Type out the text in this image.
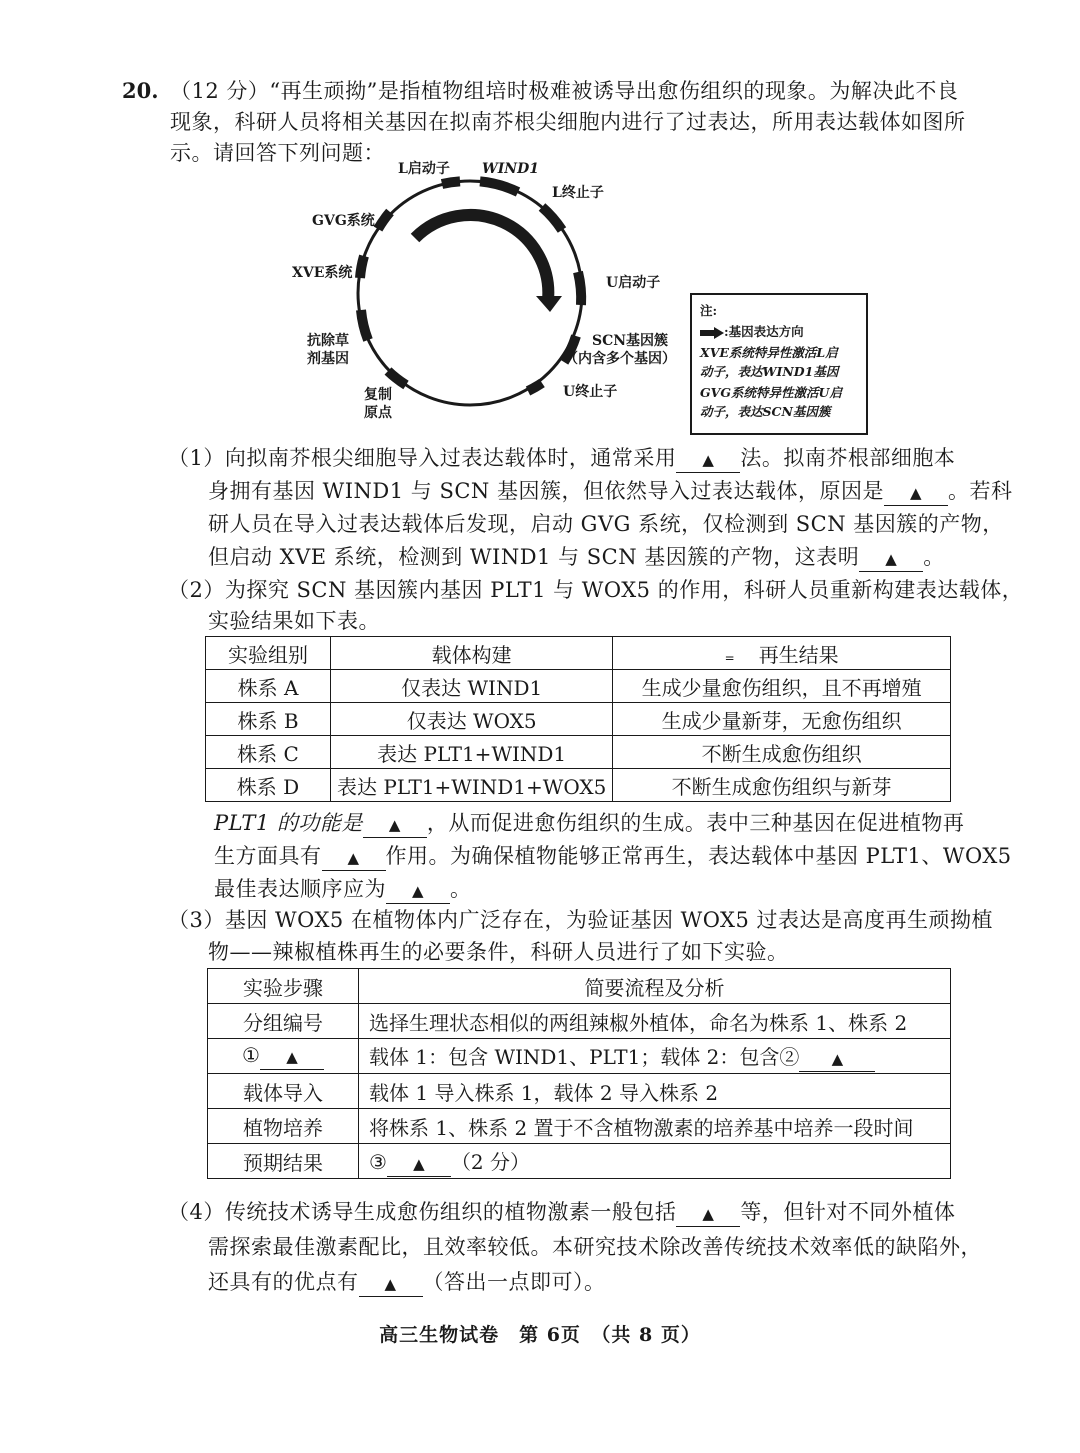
20. （12 分）“再生顽拗”是指植物组培时极难被诱导出愈伤组织的现象。为解决此不良
现象，科研人员将相关基因在拟南芥根尖细胞内进行了过表达，所用表达载体如图所
示。请回答下列问题：
L启动子 WIND1
L终止子
GVG系统
XVE系统
U启动子
抗除草
剂基因
SCN基因簇
（内含多个基因）
复制
原点
U终止子
注:
:基因表达方向
XVE系统特异性激活L启
动子，表达WIND1基因
GVG系统特异性激活U启
动子，表达SCN基因簇
（1）向拟南芥根尖细胞导入过表达载体时，通常采用 ▲ 法。拟南芥根部细胞本
身拥有基因 WIND1 与 SCN 基因簇，但依然导入过表达载体，原因是 ▲ 。若科
研人员在导入过表达载体后发现，启动 GVG 系统，仅检测到 SCN 基因簇的产物，
但启动 XVE 系统，检测到 WIND1 与 SCN 基因簇的产物，这表明 ▲ 。
（2）为探究 SCN 基因簇内基因 PLT1 与 WOX5 的作用，科研人员重新构建表达载体，
实验结果如下表。
实验组别	载体构建	= 再生结果
株系 A	仅表达 WIND1	生成少量愈伤组织，且不再增殖
株系 B	仅表达 WOX5	生成少量新芽，无愈伤组织
株系 C	表达 PLT1+WIND1	不断生成愈伤组织
株系 D	表达 PLT1+WIND1+WOX5	不断生成愈伤组织与新芽
PLT1 的功能是 ▲ ，从而促进愈伤组织的生成。表中三种基因在促进植物再
生方面具有 ▲ 作用。为确保植物能够正常再生，表达载体中基因 PLT1、WOX5
最佳表达顺序应为 ▲ 。
（3）基因 WOX5 在植物体内广泛存在，为验证基因 WOX5 过表达是高度再生顽拗植
物——辣椒植株再生的必要条件，科研人员进行了如下实验。
实验步骤	简要流程及分析
分组编号	选择生理状态相似的两组辣椒外植体，命名为株系 1、株系 2
① ▲	载体 1：包含 WIND1、PLT1；载体 2：包含② ▲
载体导入	载体 1 导入株系 1，载体 2 导入株系 2
植物培养	将株系 1、株系 2 置于不含植物激素的培养基中培养一段时间
预期结果	③ ▲ （2 分）
（4）传统技术诱导生成愈伤组织的植物激素一般包括 ▲ 等，但针对不同外植体
需探索最佳激素配比，且效率较低。本研究技术除改善传统技术效率低的缺陷外，
还具有的优点有 ▲ （答出一点即可）。
高三生物试卷　第 6页　（共 8 页）
